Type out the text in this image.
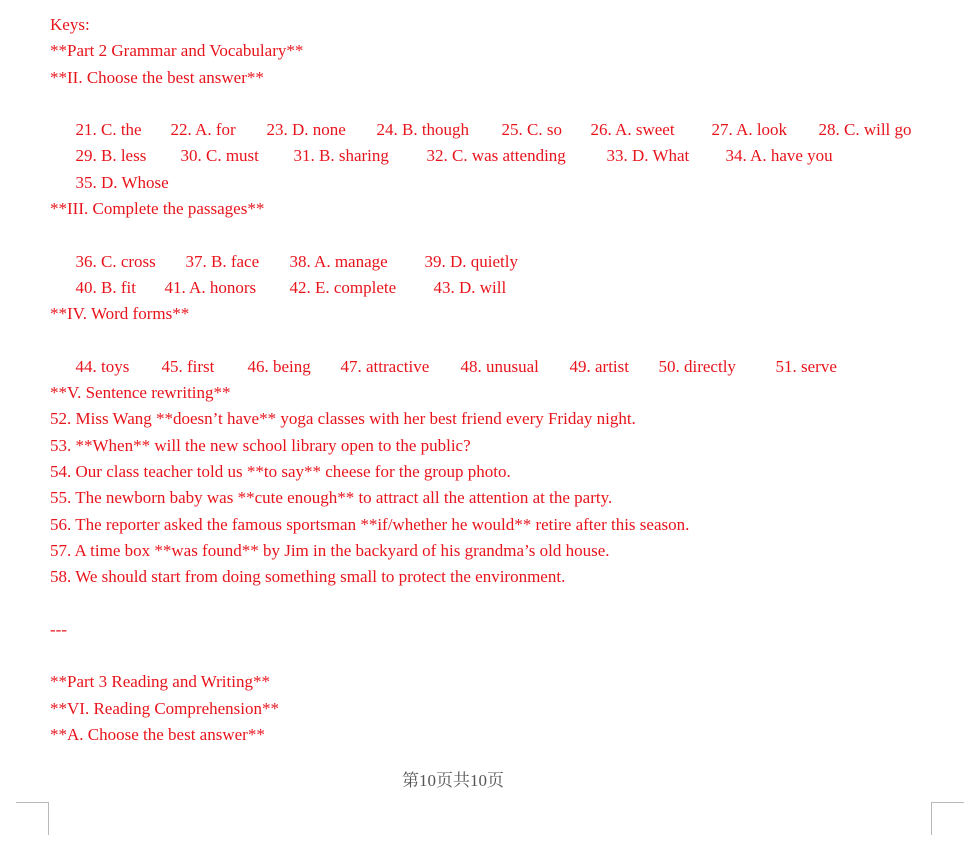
Keys:
**Part 2 Grammar and Vocabulary**
**II. Choose the best answer**

21. C. the 22. A. for 23. D. none 24. B. though 25. C. so 26. A. sweet 27. A. look 28. C. will go

29. B. less 30. C. must 31. B. sharing 32. C. was attending 33. D. What 34. A. have you

35. D. Whose

**III. Complete the passages**

36. C. cross 37. B. face 38. A. manage 39. D. quietly

40. B. fit 41. A. honors 42. E. complete 43. D. will

**IV. Word forms**

44. toys 45. first 46. being 47. attractive 48. unusual 49. artist 50. directly 51. serve

**V. Sentence rewriting**
52. Miss Wang **doesn’t have** yoga classes with her best friend every Friday night.
53. **When** will the new school library open to the public?
54. Our class teacher told us **to say** cheese for the group photo.
55. The newborn baby was **cute enough** to attract all the attention at the party.
56. The reporter asked the famous sportsman **if/whether he would** retire after this season.
57. A time box **was found** by Jim in the backyard of his grandma’s old house.
58. We should start from doing something small to protect the environment.
---
**Part 3 Reading and Writing**
**VI. Reading Comprehension**
**A. Choose the best answer**
第10页共10页
